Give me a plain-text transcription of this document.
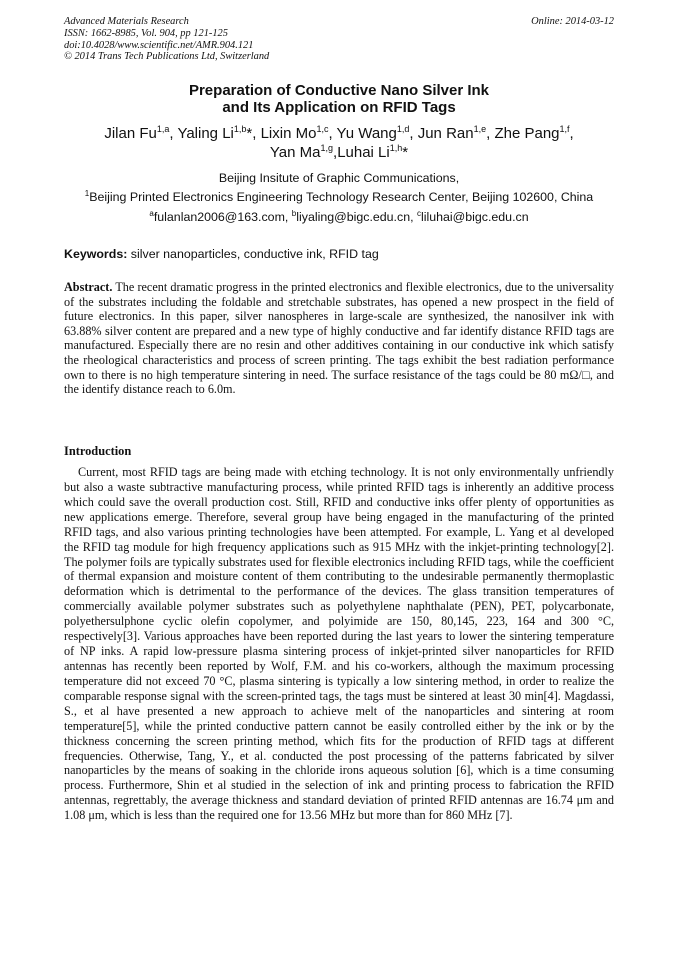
Advanced Materials Research
ISSN: 1662-8985, Vol. 904, pp 121-125
doi:10.4028/www.scientific.net/AMR.904.121
© 2014 Trans Tech Publications Ltd, Switzerland
Online: 2014-03-12
Preparation of Conductive Nano Silver Ink
and Its Application on RFID Tags
Jilan Fu$^{1,a}$, Yaling Li$^{1,b}$*, Lixin Mo$^{1,c}$, Yu Wang$^{1,d}$, Jun Ran$^{1,e}$, Zhe Pang$^{1,f}$,
Yan Ma$^{1,g}$,Luhai Li$^{1,h}$*
Beijing Insitute of Graphic Communications,
$^1$Beijing Printed Electronics Engineering Technology Research Center, Beijing 102600, China
$^a$fulanlan2006@163.com, $^b$liyaling@bigc.edu.cn, $^c$liluhai@bigc.edu.cn
Keywords: silver nanoparticles, conductive ink, RFID tag
Abstract. The recent dramatic progress in the printed electronics and flexible electronics, due to the universality of the substrates including the foldable and stretchable substrates, has opened a new prospect in the field of future electronics. In this paper, silver nanospheres in large-scale are synthesized, the nanosilver ink with 63.88% silver content are prepared and a new type of highly conductive and far identify distance RFID tags are manufactured. Especially there are no resin and other additives containing in our conductive ink which satisfy the rheological characteristics and process of screen printing. The tags exhibit the best radiation performance own to there is no high temperature sintering in need. The surface resistance of the tags could be 80 mΩ/□, and the identify distance reach to 6.0m.
Introduction
Current, most RFID tags are being made with etching technology. It is not only environmentally unfriendly but also a waste subtractive manufacturing process, while printed RFID tags is inherently an additive process which could save the overall production cost. Still, RFID and conductive inks offer plenty of opportunities as new applications emerge. Therefore, several group have being engaged in the manufacturing of the printed RFID tags, and also various printing technologies have been attempted. For example, L. Yang et al developed the RFID tag module for high frequency applications such as 915 MHz with the inkjet-printing technology[2]. The polymer foils are typically substrates used for flexible electronics including RFID tags, while the coefficient of thermal expansion and moisture content of them contributing to the undesirable permanently thermoplastic deformation which is detrimental to the performance of the devices. The glass transition temperatures of commercially available polymer substrates such as polyethylene naphthalate (PEN), PET, polycarbonate, polyethersulphone cyclic olefin copolymer, and polyimide are 150, 80,145, 223, 164 and 300 °C, respectively[3]. Various approaches have been reported during the last years to lower the sintering temperature of NP inks. A rapid low-pressure plasma sintering process of inkjet-printed silver nanoparticles for RFID antennas has recently been reported by Wolf, F.M. and his co-workers, although the maximum processing temperature did not exceed 70 °C, plasma sintering is typically a low sintering method, in order to realize the comparable response signal with the screen-printed tags, the tags must be sintered at least 30 min[4]. Magdassi, S., et al have presented a new approach to achieve melt of the nanoparticles and sintering at room temperature[5], while the printed conductive pattern cannot be easily controlled either by the ink or by the thickness concerning the screen printing method, which fits for the production of RFID tags at different frequencies. Otherwise, Tang, Y., et al. conducted the post processing of the patterns fabricated by silver nanoparticles by the means of soaking in the chloride irons aqueous solution [6], which is a time consuming process. Furthermore, Shin et al studied in the selection of ink and printing process to fabrication the RFID antennas, regrettably, the average thickness and standard deviation of printed RFID antennas are 16.74 μm and 1.08 μm, which is less than the required one for 13.56 MHz but more than for 860 MHz [7].
